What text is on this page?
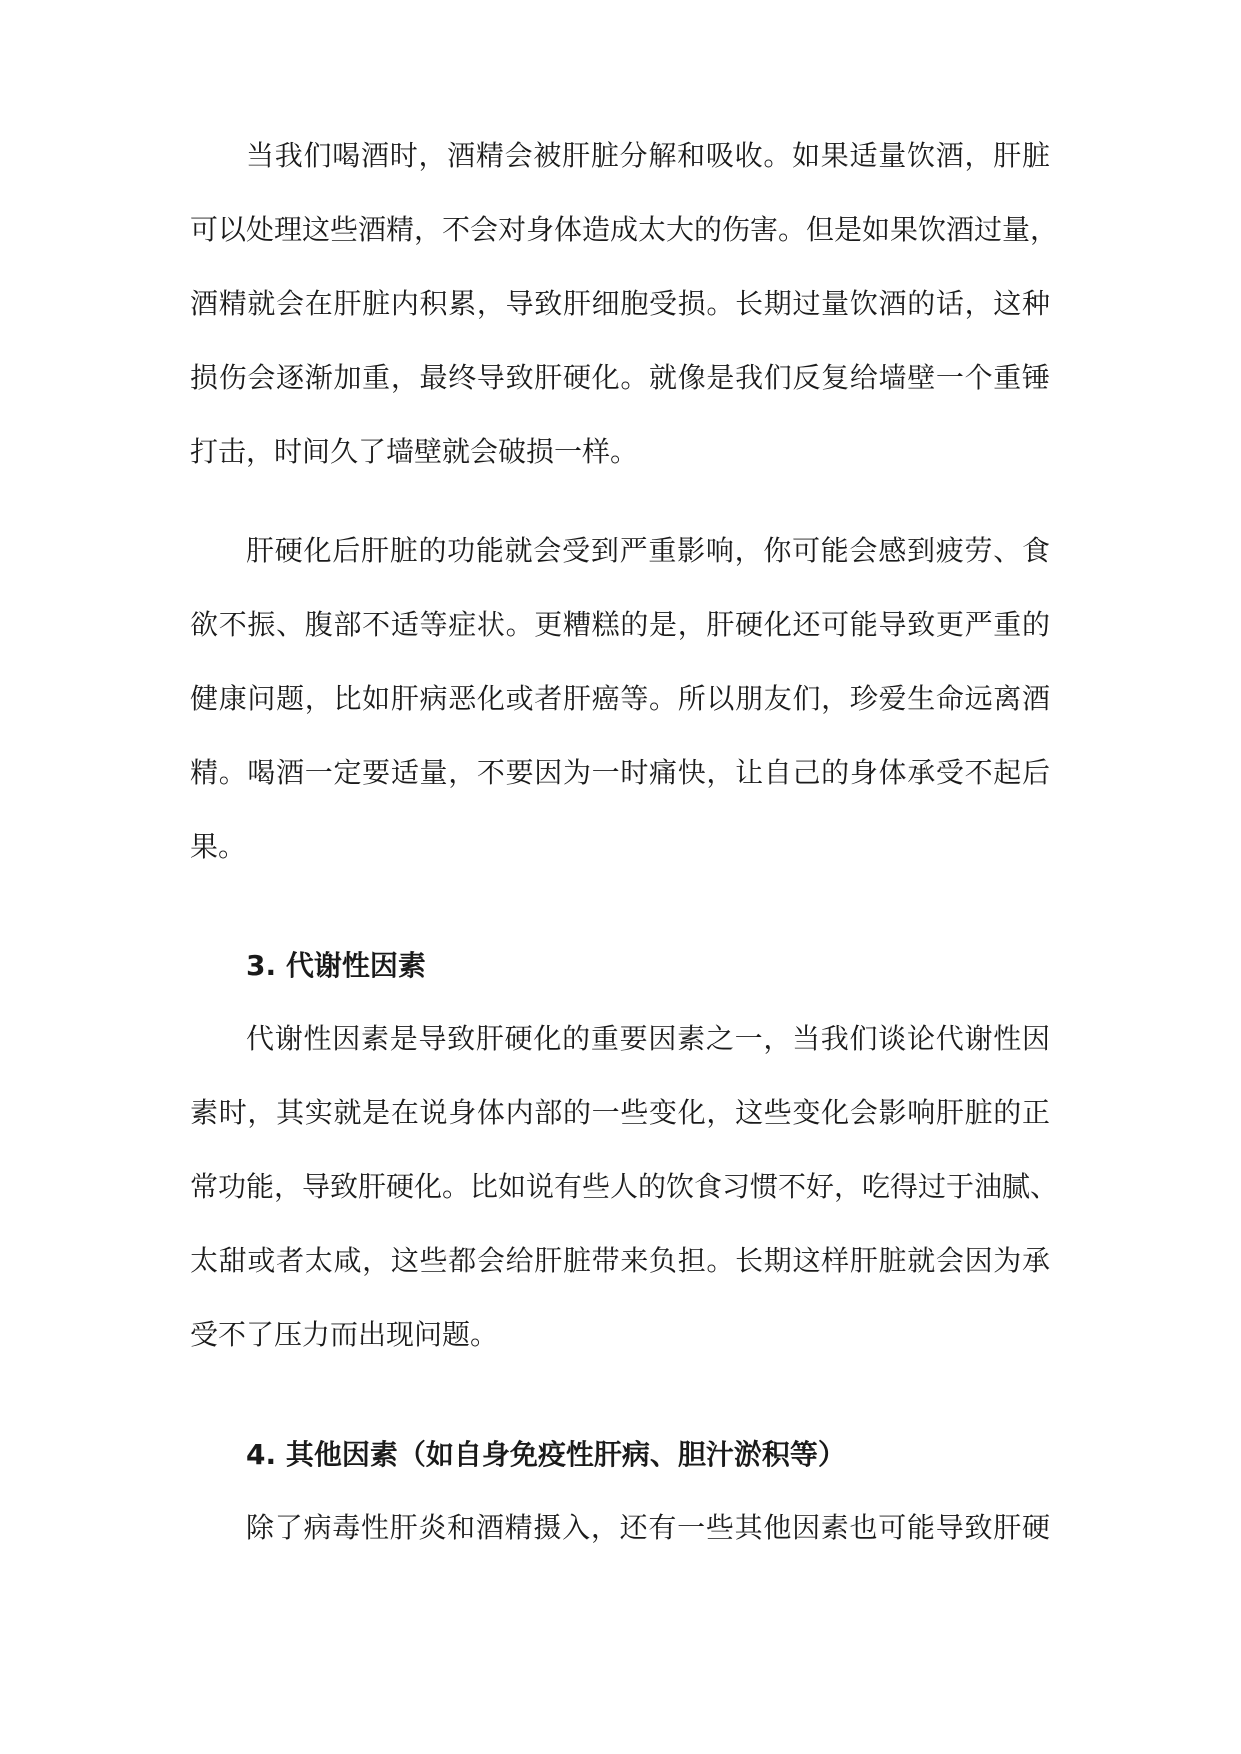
当我们喝酒时，酒精会被肝脏分解和吸收。如果适量饮酒，肝脏
可以处理这些酒精，不会对身体造成太大的伤害。但是如果饮酒过量，
酒精就会在肝脏内积累，导致肝细胞受损。长期过量饮酒的话，这种
损伤会逐渐加重，最终导致肝硬化。就像是我们反复给墙壁一个重锤
打击，时间久了墙壁就会破损一样。
肝硬化后肝脏的功能就会受到严重影响，你可能会感到疲劳、食
欲不振、腹部不适等症状。更糟糕的是，肝硬化还可能导致更严重的
健康问题，比如肝病恶化或者肝癌等。所以朋友们，珍爱生命远离酒
精。喝酒一定要适量，不要因为一时痛快，让自己的身体承受不起后
果。
3. 代谢性因素
代谢性因素是导致肝硬化的重要因素之一，当我们谈论代谢性因
素时，其实就是在说身体内部的一些变化，这些变化会影响肝脏的正
常功能，导致肝硬化。比如说有些人的饮食习惯不好，吃得过于油腻、
太甜或者太咸，这些都会给肝脏带来负担。长期这样肝脏就会因为承
受不了压力而出现问题。
4. 其他因素（如自身免疫性肝病、胆汁淤积等）
除了病毒性肝炎和酒精摄入，还有一些其他因素也可能导致肝硬
